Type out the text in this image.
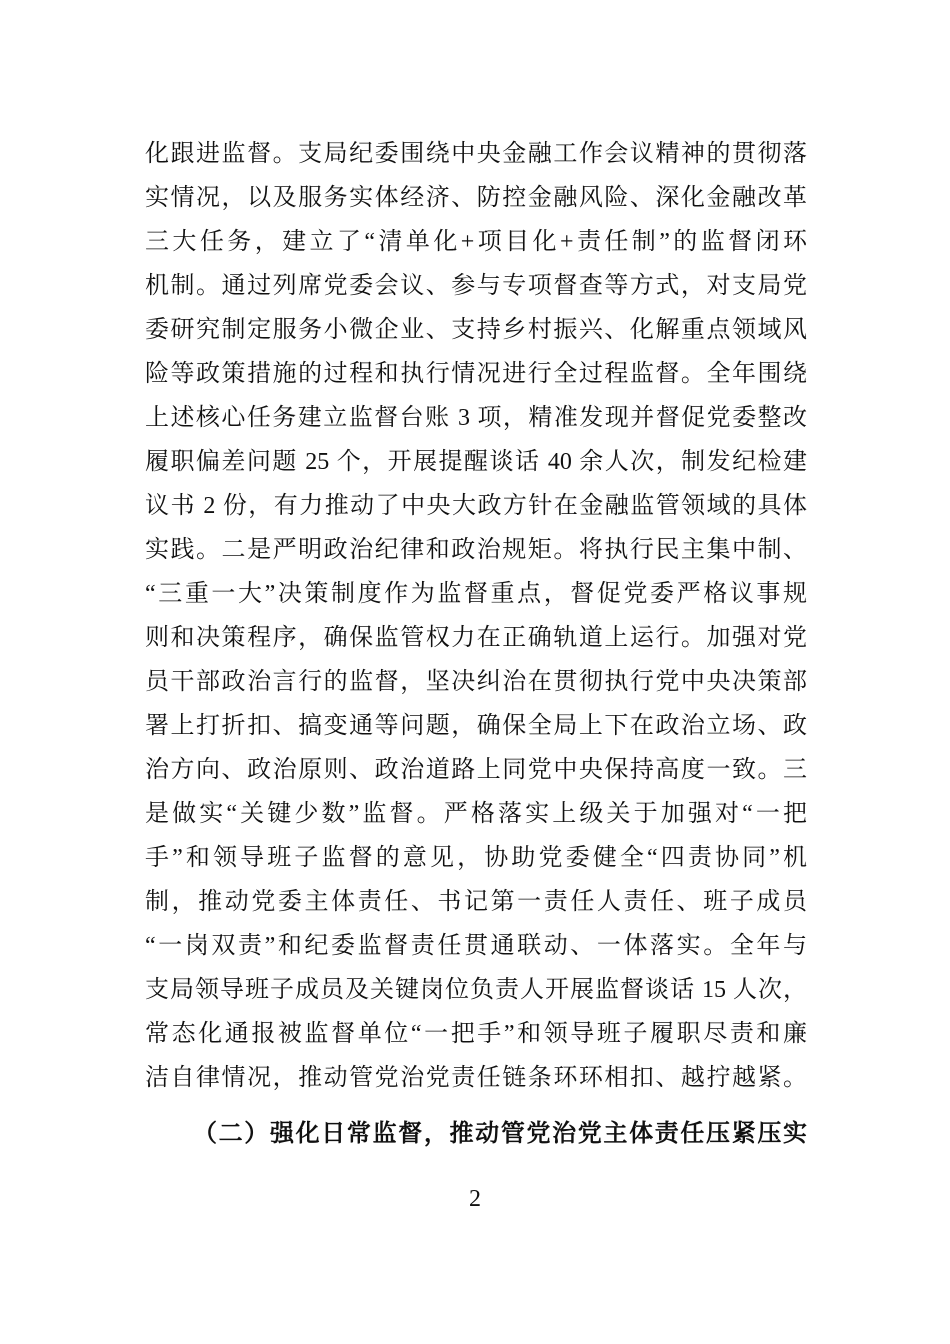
化跟进监督。支局纪委围绕中央金融工作会议精神的贯彻落
实情况，以及服务实体经济、防控金融风险、深化金融改革
三大任务，建立了“清单化+项目化+责任制”的监督闭环
机制。通过列席党委会议、参与专项督查等方式，对支局党
委研究制定服务小微企业、支持乡村振兴、化解重点领域风
险等政策措施的过程和执行情况进行全过程监督。全年围绕
上述核心任务建立监督台账 3 项，精准发现并督促党委整改
履职偏差问题 25 个，开展提醒谈话 40 余人次，制发纪检建
议书 2 份，有力推动了中央大政方针在金融监管领域的具体
实践。二是严明政治纪律和政治规矩。将执行民主集中制、
“三重一大”决策制度作为监督重点，督促党委严格议事规
则和决策程序，确保监管权力在正确轨道上运行。加强对党
员干部政治言行的监督，坚决纠治在贯彻执行党中央决策部
署上打折扣、搞变通等问题，确保全局上下在政治立场、政
治方向、政治原则、政治道路上同党中央保持高度一致。三
是做实“关键少数”监督。严格落实上级关于加强对“一把
手”和领导班子监督的意见，协助党委健全“四责协同”机
制，推动党委主体责任、书记第一责任人责任、班子成员
“一岗双责”和纪委监督责任贯通联动、一体落实。全年与
支局领导班子成员及关键岗位负责人开展监督谈话 15 人次，
常态化通报被监督单位“一把手”和领导班子履职尽责和廉
洁自律情况，推动管党治党责任链条环环相扣、越拧越紧。
（二）强化日常监督，推动管党治党主体责任压紧压实
2
